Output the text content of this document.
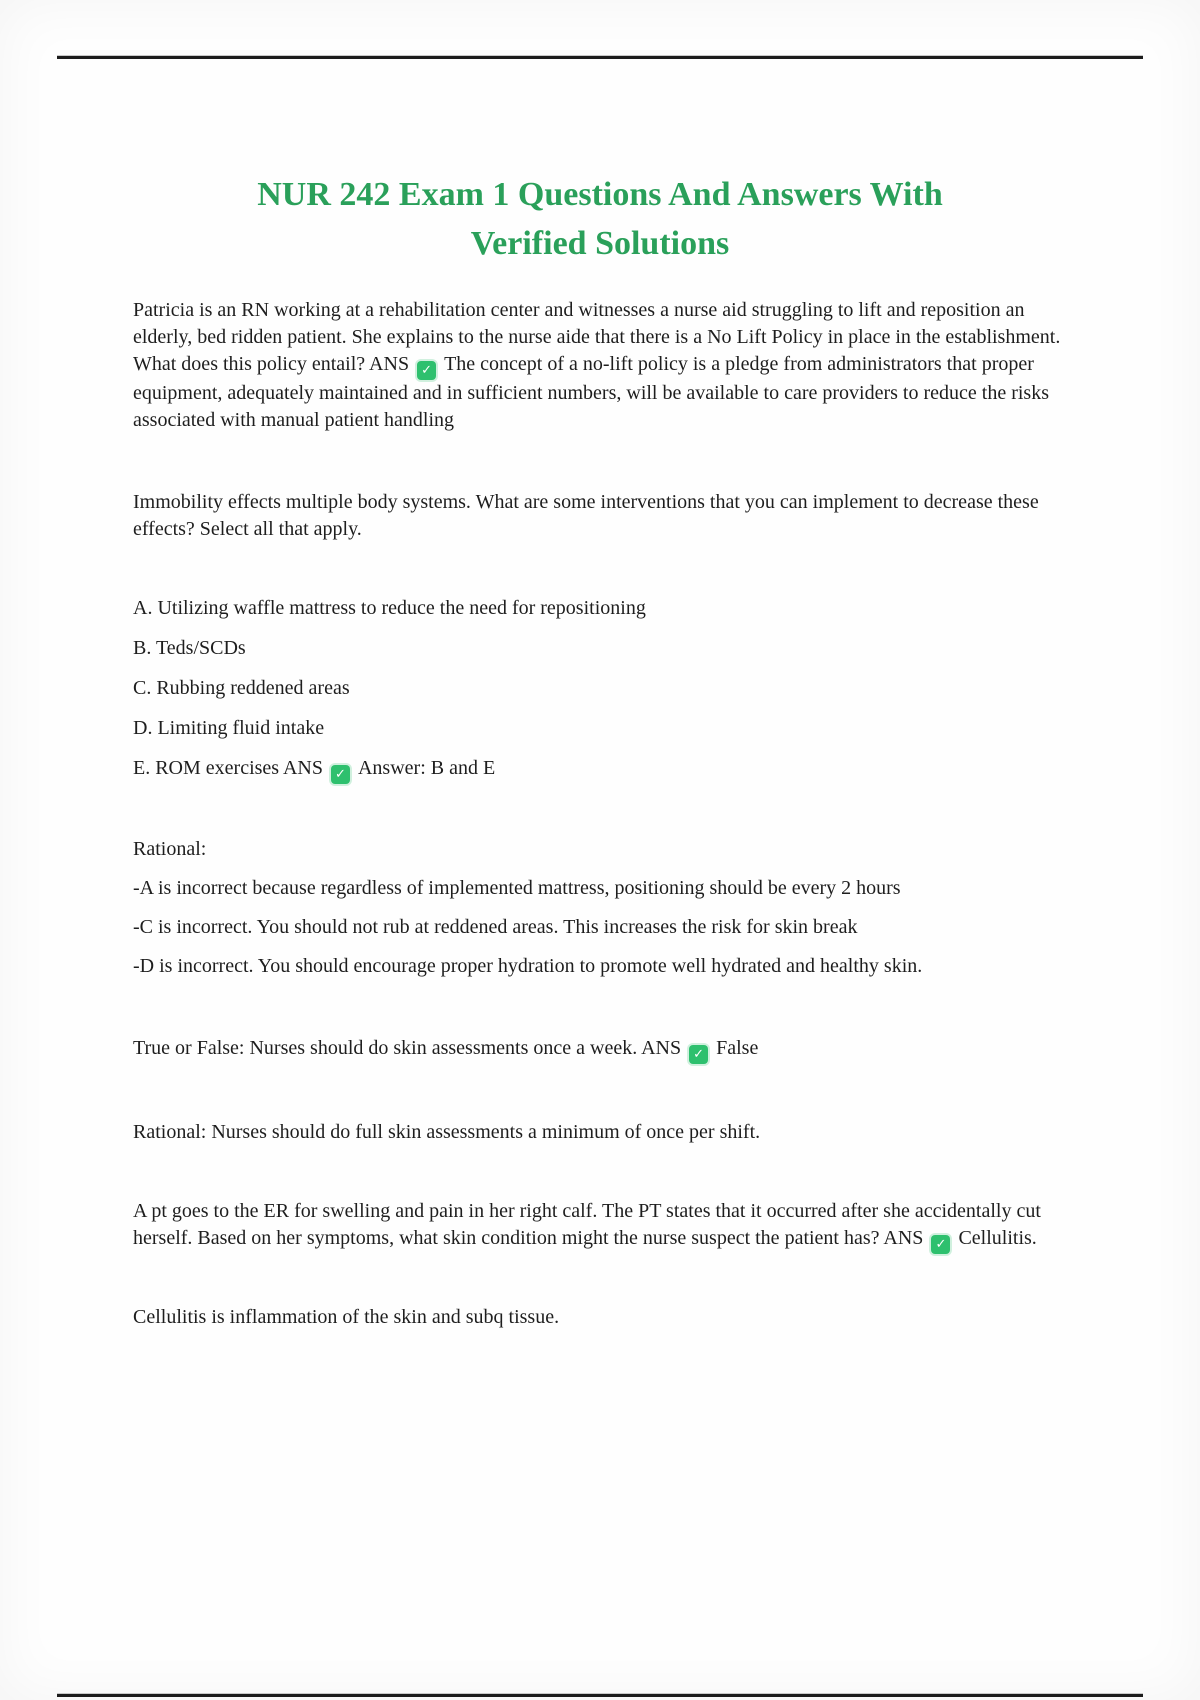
NUR 242 Exam 1 Questions And Answers With
Verified Solutions

Patricia is an RN working at a rehabilitation center and witnesses a nurse aid struggling to lift and reposition an elderly, bed ridden patient. She explains to the nurse aide that there is a No Lift Policy in place in the establishment. What does this policy entail? ANS ✓ The concept of a no-lift policy is a pledge from administrators that proper equipment, adequately maintained and in sufficient numbers, will be available to care providers to reduce the risks associated with manual patient handling

Immobility effects multiple body systems. What are some interventions that you can implement to decrease these effects? Select all that apply.

A. Utilizing waffle mattress to reduce the need for repositioning

B. Teds/SCDs

C. Rubbing reddened areas

D. Limiting fluid intake

E. ROM exercises ANS ✓ Answer: B and E

Rational:

-A is incorrect because regardless of implemented mattress, positioning should be every 2 hours

-C is incorrect. You should not rub at reddened areas. This increases the risk for skin break

-D is incorrect. You should encourage proper hydration to promote well hydrated and healthy skin.

True or False: Nurses should do skin assessments once a week. ANS ✓ False

Rational: Nurses should do full skin assessments a minimum of once per shift.

A pt goes to the ER for swelling and pain in her right calf. The PT states that it occurred after she accidentally cut herself. Based on her symptoms, what skin condition might the nurse suspect the patient has? ANS ✓ Cellulitis.

Cellulitis is inflammation of the skin and subq tissue.
